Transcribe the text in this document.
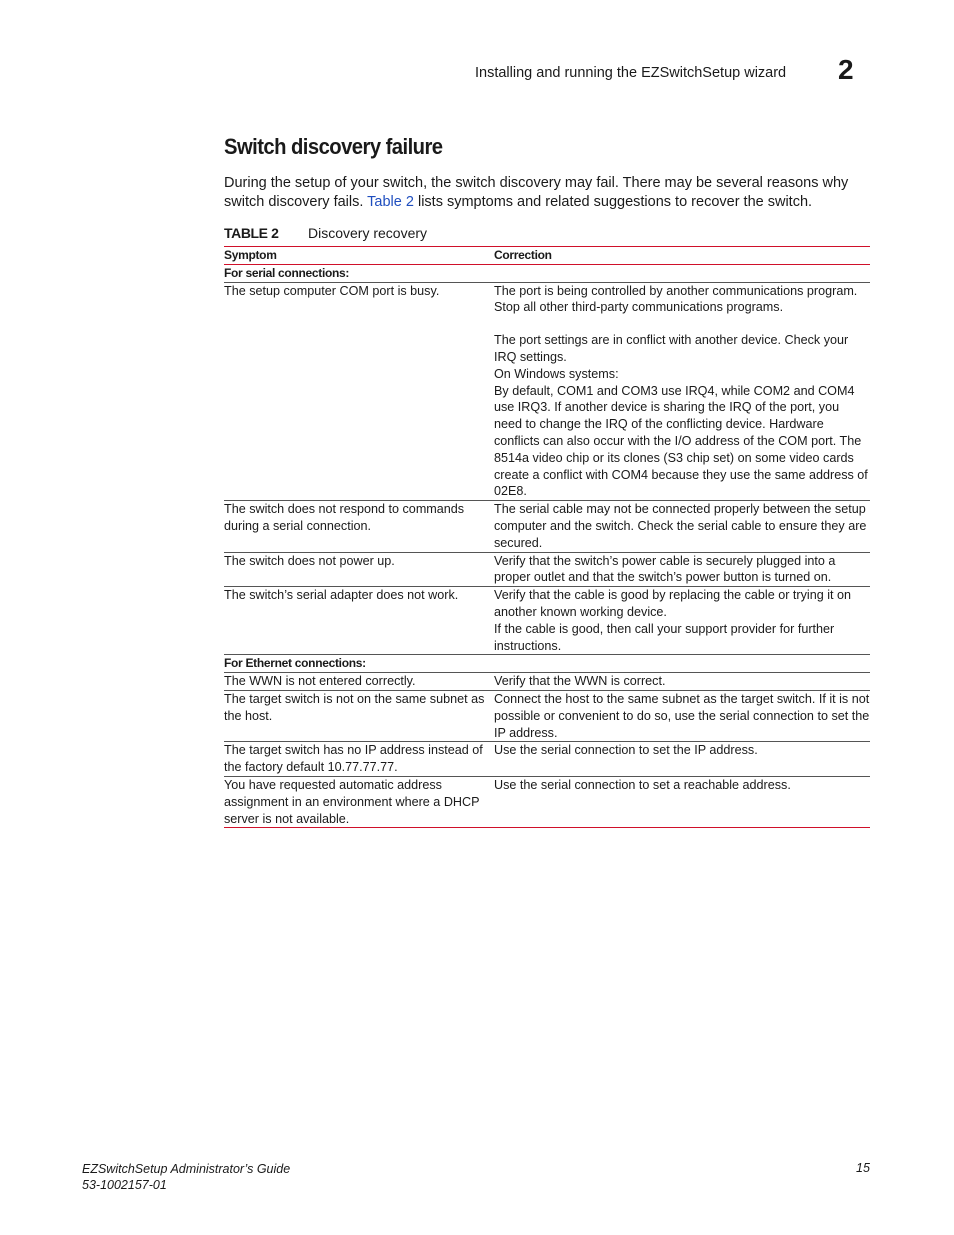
Installing and running the EZSwitchSetup wizard 2
Switch discovery failure
During the setup of your switch, the switch discovery may fail. There may be several reasons why switch discovery fails. Table 2 lists symptoms and related suggestions to recover the switch.
TABLE 2 Discovery recovery
Symptom	Correction
For serial connections:	
The setup computer COM port is busy.	The port is being controlled by another communications program. Stop all other third-party communications programs.
The port settings are in conflict with another device. Check your IRQ settings.
On Windows systems:
By default, COM1 and COM3 use IRQ4, while COM2 and COM4 use IRQ3. If another device is sharing the IRQ of the port, you need to change the IRQ of the conflicting device. Hardware conflicts can also occur with the I/O address of the COM port. The 8514a video chip or its clones (S3 chip set) on some video cards create a conflict with COM4 because they use the same address of 02E8.

The switch does not respond to commands during a serial connection.	The serial cable may not be connected properly between the setup computer and the switch. Check the serial cable to ensure they are secured.

The switch does not power up.	Verify that the switch’s power cable is securely plugged into a proper outlet and that the switch’s power button is turned on.

The switch’s serial adapter does not work.	Verify that the cable is good by replacing the cable or trying it on another known working device.
If the cable is good, then call your support provider for further instructions.

For Ethernet connections:	
The WWN is not entered correctly.	Verify that the WWN is correct.

The target switch is not on the same subnet as the host.	Connect the host to the same subnet as the target switch. If it is not possible or convenient to do so, use the serial connection to set the IP address.

The target switch has no IP address instead of the factory default 10.77.77.77.	Use the serial connection to set the IP address.

You have requested automatic address assignment in an environment where a DHCP server is not available.	Use the serial connection to set a reachable address.
EZSwitchSetup Administrator’s Guide
53-1002157-01
15
